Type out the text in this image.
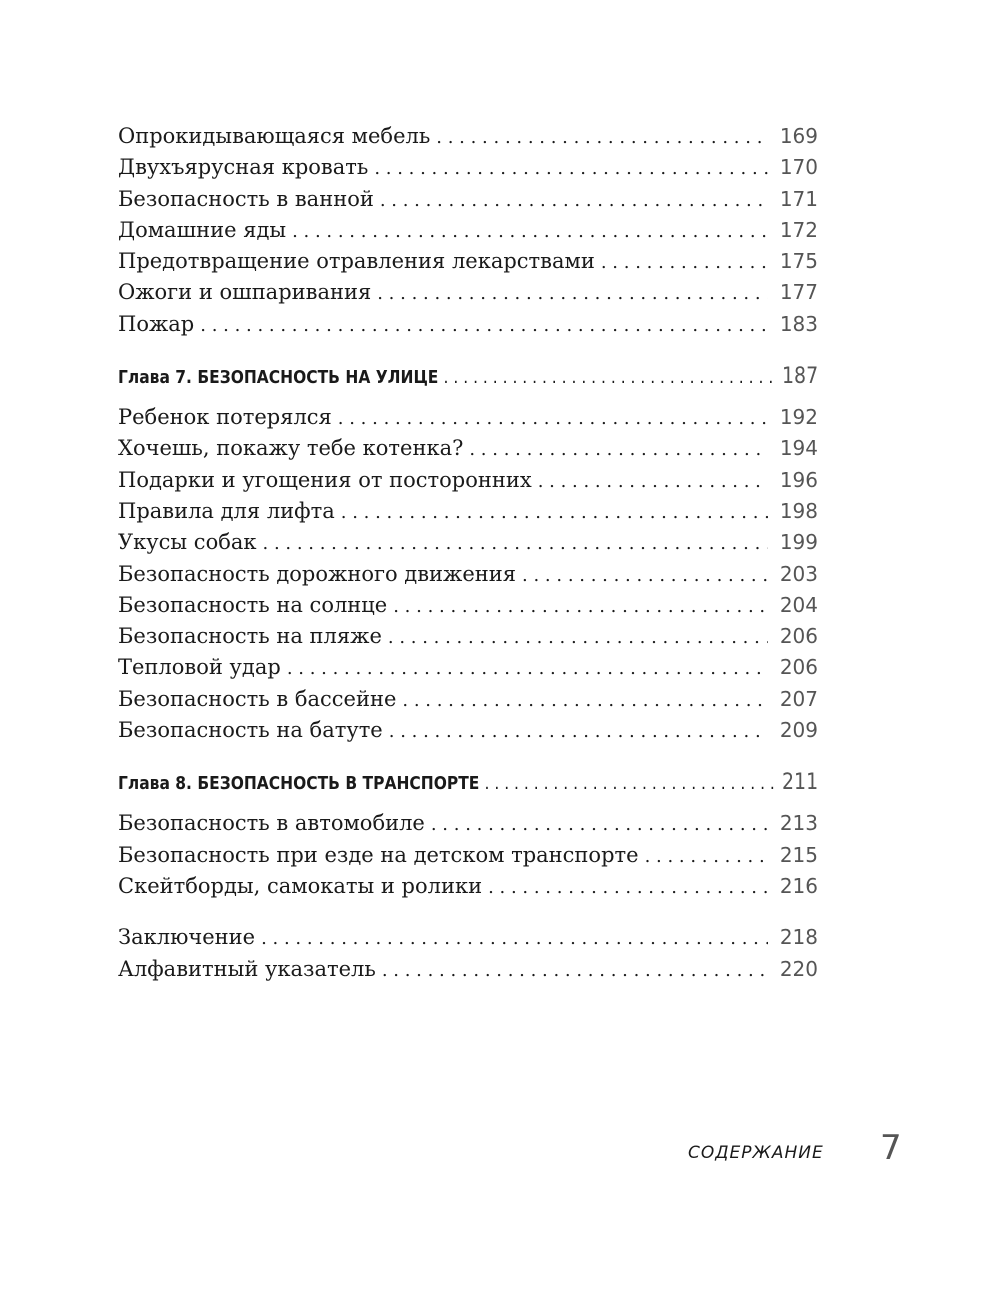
Опрокидывающаяся мебель . . .	169
Двухъярусная кровать . . .	170
Безопасность в ванной . . .	171
Домашние яды . . .	172
Предотвращение отравления лекарствами . . .	175
Ожоги и ошпаривания . . .	177
Пожар . . .	183
Глава 7. БЕЗОПАСНОСТЬ НА УЛИЦЕ . . .	187
Ребенок потерялся . . .	192
Хочешь, покажу тебе котенка? . . .	194
Подарки и угощения от посторонних . . .	196
Правила для лифта . . .	198
Укусы собак . . .	199
Безопасность дорожного движения . . .	203
Безопасность на солнце . . .	204
Безопасность на пляже . . .	206
Тепловой удар . . .	206
Безопасность в бассейне . . .	207
Безопасность на батуте . . .	209
Глава 8. БЕЗОПАСНОСТЬ В ТРАНСПОРТЕ . . .	211
Безопасность в автомобиле . . .	213
Безопасность при езде на детском транспорте . . .	215
Скейтборды, самокаты и ролики . . .	216
Заключение . . .	218
Алфавитный указатель . . .	220
СОДЕРЖАНИЕ 7
